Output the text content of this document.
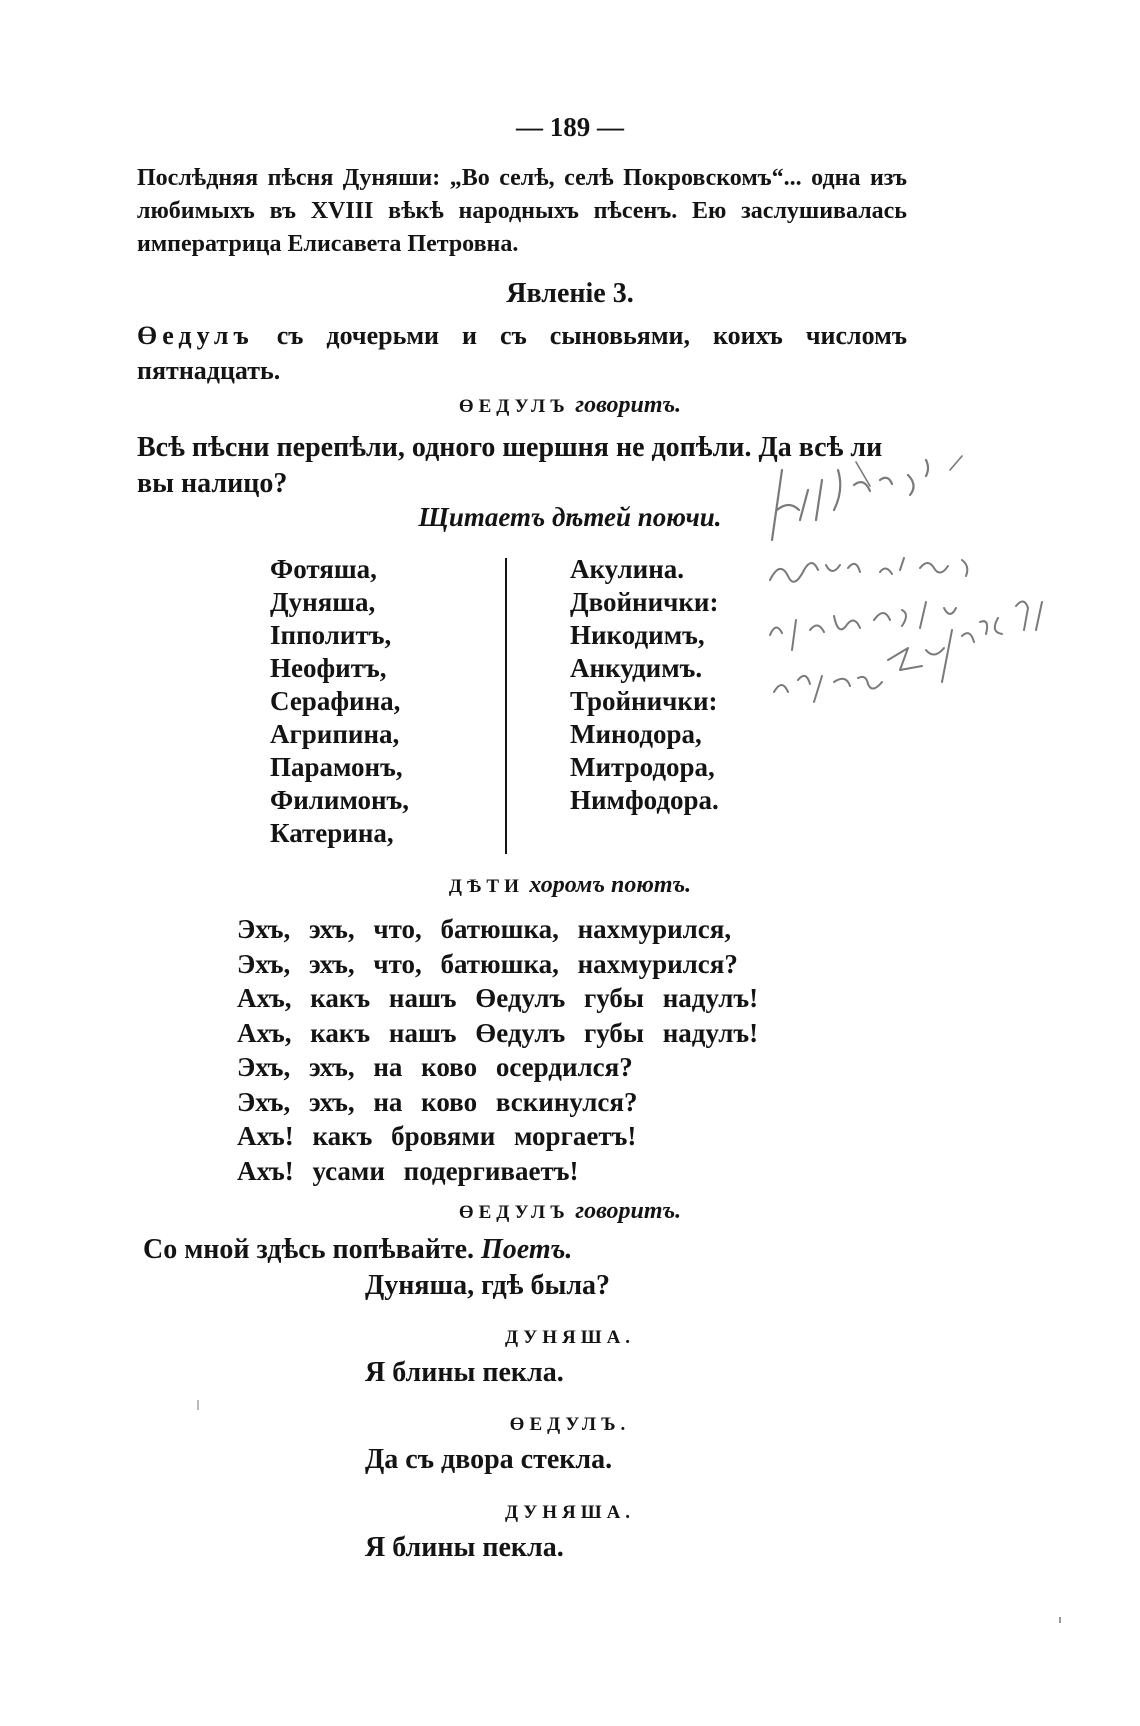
— 189 —
Послѣдняя пѣсня Дуняши: „Во селѣ, селѣ Покровскомъ“... одна изъ любимыхъ въ XVIII вѣкѣ народныхъ пѣсенъ. Ею заслушивалась императрица Елисавета Петровна.
Явленіе 3.
Өедулъ съ дочерьми и съ сыновьями, коихъ числомъ пятнадцать.
ӨЕДУЛЪ говоритъ.
Всѣ пѣсни перепѣли, одного шершня не допѣли. Да всѣ ли
вы налицо?
Щитаетъ дѣтей поючи.
Фотяша,
Дуняша,
Іпполитъ,
Неофитъ,
Серафина,
Агрипина,
Парамонъ,
Филимонъ,
Катерина,
Акулина.
Двойнички:
Никодимъ,
Анкудимъ.
Тройнички:
Минодора,
Митродора,
Нимфодора.
ДѢТИ хоромъ поютъ.
Эхъ, эхъ, что, батюшка, нахмурился,
Эхъ, эхъ, что, батюшка, нахмурился?
Ахъ, какъ нашъ Өедулъ губы надулъ!
Ахъ, какъ нашъ Өедулъ губы надулъ!
Эхъ, эхъ, на ково осердился?
Эхъ, эхъ, на ково вскинулся?
Ахъ! какъ бровями моргаетъ!
Ахъ! усами подергиваетъ!
ӨЕДУЛЪ говоритъ.
Со мной здѣсь попѣвайте. Поетъ.
Дуняша, гдѣ была?
ДУНЯША.
Я блины пекла.
ӨЕДУЛЪ.
Да съ двора стекла.
ДУНЯША.
Я блины пекла.
